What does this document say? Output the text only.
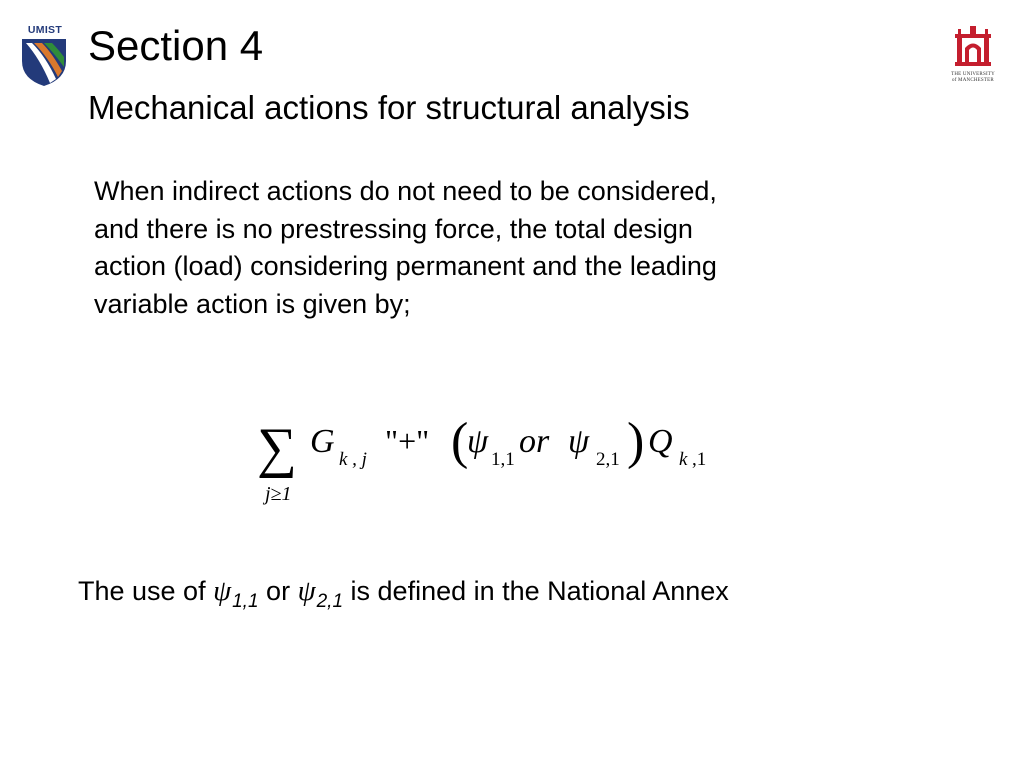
UMIST
THE UNIVERSITY
of MANCHESTER
Section 4
Mechanical actions for structural analysis
When indirect actions do not need to be considered,
and there is no prestressing force, the total design
action (load) considering permanent and the leading
variable action is given by;
∑
j≥1
G k , j
"+" (
ψ 1,1 or ψ 2,1 ) Q k ,1
The use of $\psi_{1,1}$ or $\psi_{2,1}$ is defined in the National Annex
